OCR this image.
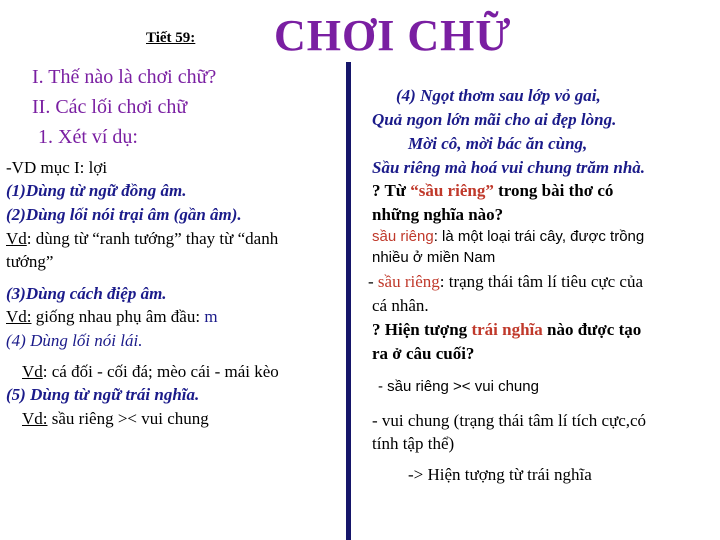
Tiết 59: CHƠI CHỮ
I. Thế nào là chơi chữ?
II. Các lối chơi chữ
1. Xét ví dụ:
-VD mục I: lợi
(1)Dùng từ ngữ đồng âm.
(2)Dùng lối nói trại âm (gần âm).
Vd: dùng từ “ranh tướng” thay từ “danh
tướng”
(3)Dùng cách điệp âm.
Vd: giống nhau phụ âm đầu: m
(4) Dùng lối nói lái.
Vd: cá đối - cối đá; mèo cái - mái kèo
(5) Dùng từ ngữ trái nghĩa.
Vd: sầu riêng >< vui chung
(4) Ngọt thơm sau lớp vỏ gai,
Quả ngon lớn mãi cho ai đẹp lòng.
Mời cô, mời bác ăn cùng,
Sầu riêng mà hoá vui chung trăm nhà.
? Từ “sầu riêng” trong bài thơ có
những nghĩa nào?
sầu riêng: là một loại trái cây, được trồng
nhiều ở miền Nam
- sầu riêng: trạng thái tâm lí tiêu cực của
cá nhân.
? Hiện tượng trái nghĩa nào được tạo
ra ở câu cuối?
- sầu riêng >< vui chung
- vui chung (trạng thái tâm lí tích cực,có
tính tập thể)
-> Hiện tượng từ trái nghĩa
